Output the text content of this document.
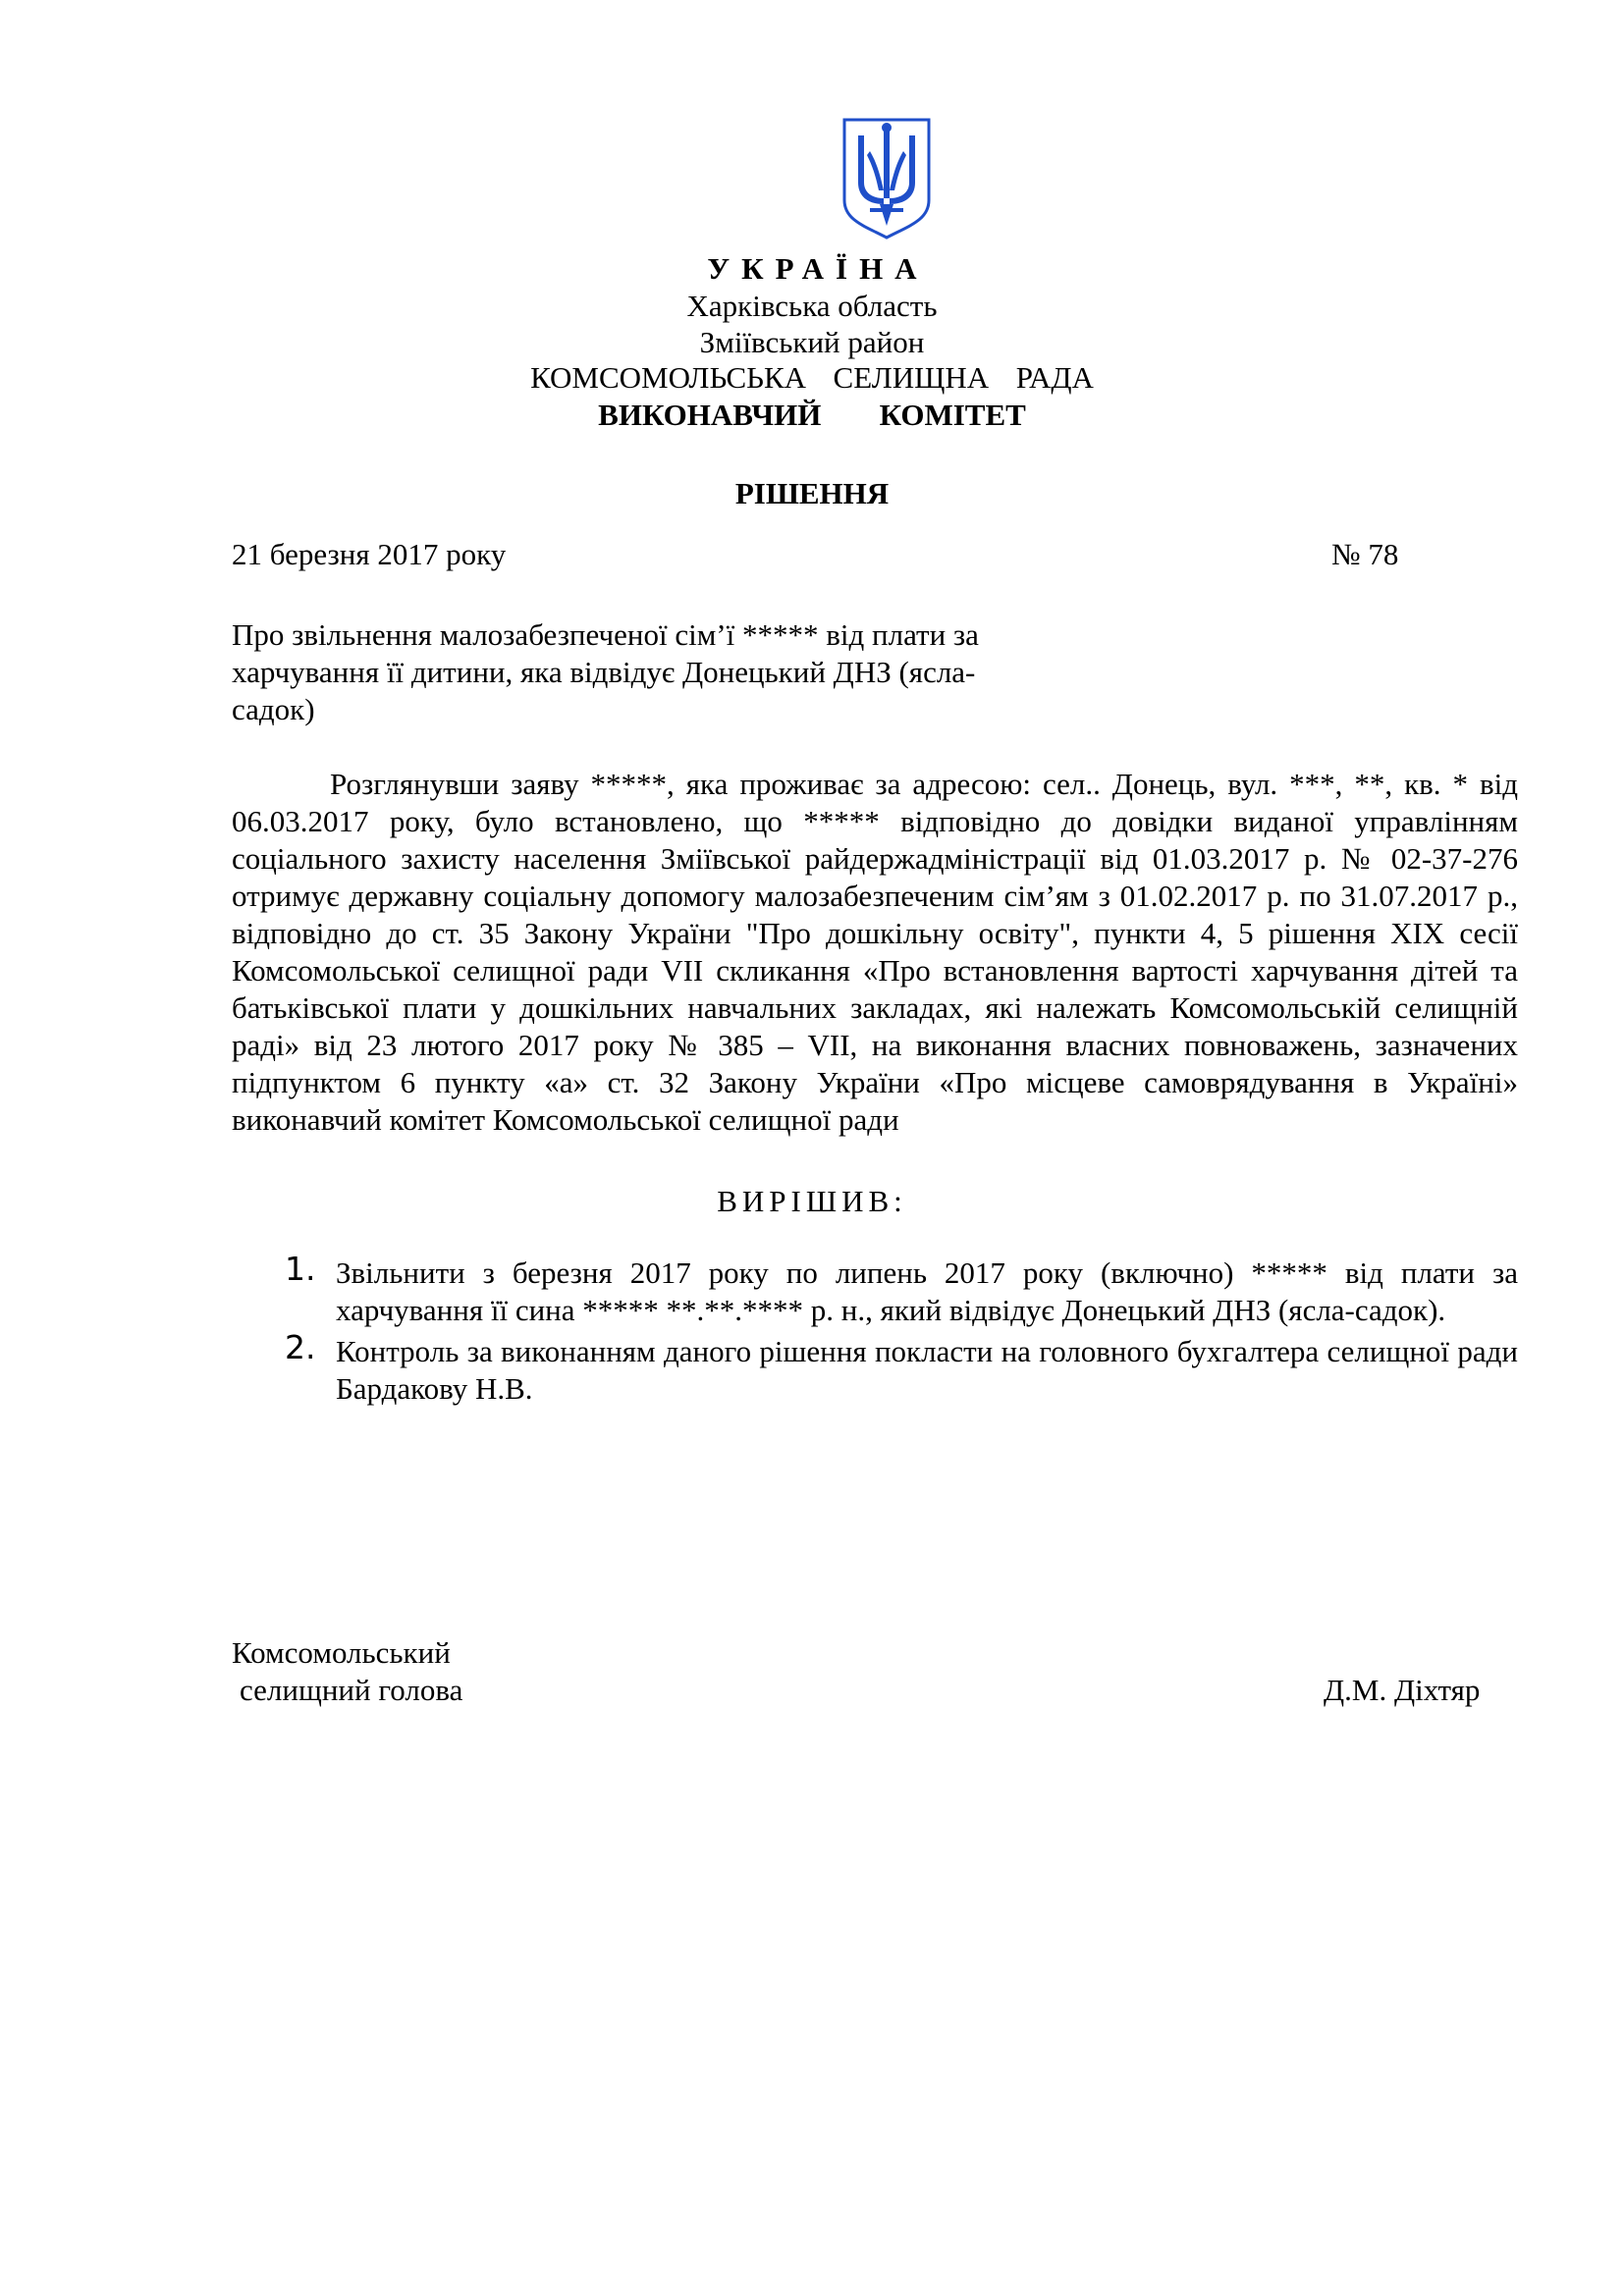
УКРАЇНА
Харківська область
Зміївський район
КОМСОМОЛЬСЬКА  СЕЛИЩНА  РАДА
ВИКОНАВЧИЙ   КОМІТЕТ
РІШЕННЯ
21 березня 2017 року	№ 78
Про звільнення малозабезпеченої сім’ї ***** від плати за харчування її дитини, яка відвідує Донецький ДНЗ (ясла-садок)
Розглянувши заяву *****, яка проживає за адресою: сел.. Донець, вул. ***, **, кв. * від 06.03.2017 року, було встановлено, що ***** відповідно до довідки виданої управлінням соціального захисту населення Зміївської райдержадміністрації від 01.03.2017 р. № 02-37-276 отримує державну соціальну допомогу малозабезпеченим сім’ям з 01.02.2017 р. по 31.07.2017 р., відповідно до ст. 35 Закону України "Про дошкільну освіту", пункти 4, 5 рішення ХІХ сесії Комсомольської селищної ради VІІ скликання «Про встановлення вартості харчування дітей та батьківської плати у дошкільних навчальних закладах, які належать Комсомольській селищній раді» від 23 лютого 2017 року № 385 – VІІ, на виконання власних повноважень, зазначених підпунктом 6 пункту «а» ст. 32 Закону України «Про місцеве самоврядування в Україні» виконавчий комітет Комсомольської селищної ради
ВИРІШИВ:
1. Звільнити з березня 2017 року по липень 2017 року (включно) ***** від плати за харчування її сина ***** **.**.**** р. н., який відвідує Донецький ДНЗ (ясла-садок).
2. Контроль за виконанням даного рішення покласти на головного бухгалтера селищної ради Бардакову Н.В.
Комсомольський
селищний голова	Д.М. Діхтяр
